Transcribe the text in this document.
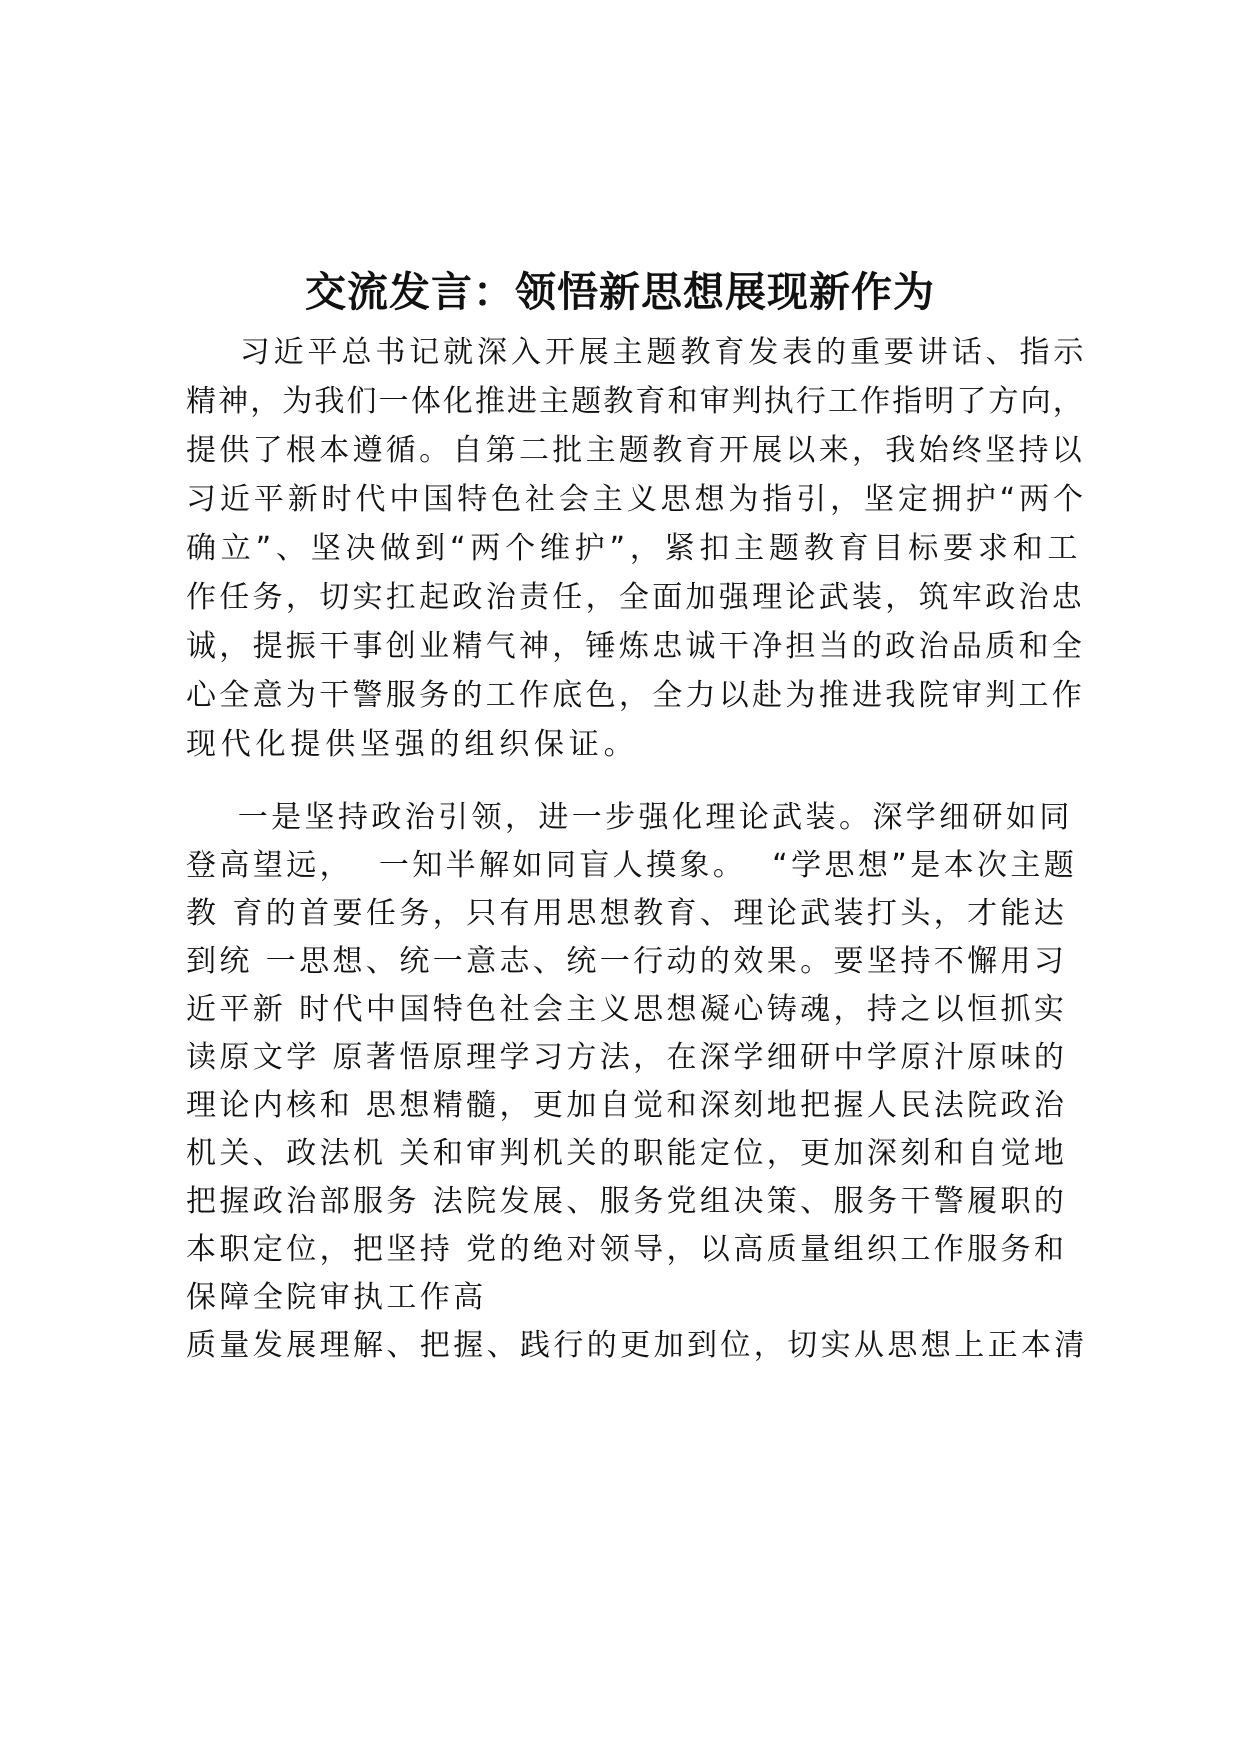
交流发言：领悟新思想展现新作为
习近平总书记就深入开展主题教育发表的重要讲话、指示
精神，为我们一体化推进主题教育和审判执行工作指明了方向，
提供了根本遵循。自第二批主题教育开展以来，我始终坚持以
习近平新时代中国特色社会主义思想为指引，坚定拥护“两个
确立”、坚决做到“两个维护”，紧扣主题教育目标要求和工
作任务，切实扛起政治责任，全面加强理论武装，筑牢政治忠
诚，提振干事创业精气神，锤炼忠诚干净担当的政治品质和全
心全意为干警服务的工作底色，全力以赴为推进我院审判工作
现代化提供坚强的组织保证。
一是坚持政治引领，进一步强化理论武装。深学细研如同
登高望远，  一知半解如同盲人摸象。  “学思想”是本次主题
教 育的首要任务，只有用思想教育、理论武装打头，才能达
到统 一思想、统一意志、统一行动的效果。要坚持不懈用习
近平新 时代中国特色社会主义思想凝心铸魂，持之以恒抓实
读原文学 原著悟原理学习方法，在深学细研中学原汁原味的
理论内核和 思想精髓，更加自觉和深刻地把握人民法院政治
机关、政法机 关和审判机关的职能定位，更加深刻和自觉地
把握政治部服务 法院发展、服务党组决策、服务干警履职的
本职定位，把坚持 党的绝对领导，以高质量组织工作服务和
保障全院审执工作高
质量发展理解、把握、践行的更加到位，切实从思想上正本清
